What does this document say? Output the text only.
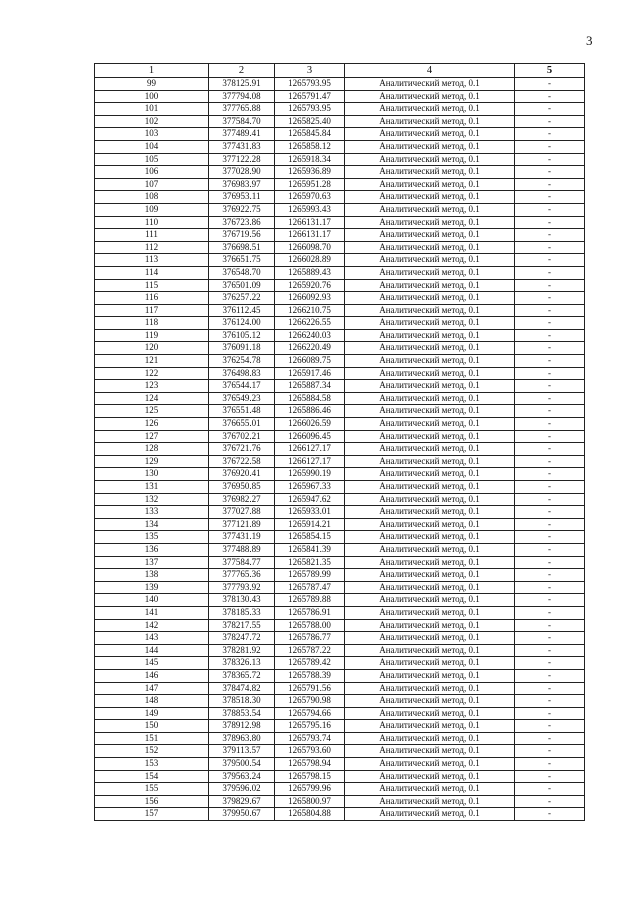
3
1	2	3	4	5
99	378125.91	1265793.95	Аналитический метод, 0.1	-
100	377794.08	1265791.47	Аналитический метод, 0.1	-
101	377765.88	1265793.95	Аналитический метод, 0.1	-
102	377584.70	1265825.40	Аналитический метод, 0.1	-
103	377489.41	1265845.84	Аналитический метод, 0.1	-
104	377431.83	1265858.12	Аналитический метод, 0.1	-
105	377122.28	1265918.34	Аналитический метод, 0.1	-
106	377028.90	1265936.89	Аналитический метод, 0.1	-
107	376983.97	1265951.28	Аналитический метод, 0.1	-
108	376953.11	1265970.63	Аналитический метод, 0.1	-
109	376922.75	1265993.43	Аналитический метод, 0.1	-
110	376723.86	1266131.17	Аналитический метод, 0.1	-
111	376719.56	1266131.17	Аналитический метод, 0.1	-
112	376698.51	1266098.70	Аналитический метод, 0.1	-
113	376651.75	1266028.89	Аналитический метод, 0.1	-
114	376548.70	1265889.43	Аналитический метод, 0.1	-
115	376501.09	1265920.76	Аналитический метод, 0.1	-
116	376257.22	1266092.93	Аналитический метод, 0.1	-
117	376112.45	1266210.75	Аналитический метод, 0.1	-
118	376124.00	1266226.55	Аналитический метод, 0.1	-
119	376105.12	1266240.03	Аналитический метод, 0.1	-
120	376091.18	1266220.49	Аналитический метод, 0.1	-
121	376254.78	1266089.75	Аналитический метод, 0.1	-
122	376498.83	1265917.46	Аналитический метод, 0.1	-
123	376544.17	1265887.34	Аналитический метод, 0.1	-
124	376549.23	1265884.58	Аналитический метод, 0.1	-
125	376551.48	1265886.46	Аналитический метод, 0.1	-
126	376655.01	1266026.59	Аналитический метод, 0.1	-
127	376702.21	1266096.45	Аналитический метод, 0.1	-
128	376721.76	1266127.17	Аналитический метод, 0.1	-
129	376722.58	1266127.17	Аналитический метод, 0.1	-
130	376920.41	1265990.19	Аналитический метод, 0.1	-
131	376950.85	1265967.33	Аналитический метод, 0.1	-
132	376982.27	1265947.62	Аналитический метод, 0.1	-
133	377027.88	1265933.01	Аналитический метод, 0.1	-
134	377121.89	1265914.21	Аналитический метод, 0.1	-
135	377431.19	1265854.15	Аналитический метод, 0.1	-
136	377488.89	1265841.39	Аналитический метод, 0.1	-
137	377584.77	1265821.35	Аналитический метод, 0.1	-
138	377765.36	1265789.99	Аналитический метод, 0.1	-
139	377793.92	1265787.47	Аналитический метод, 0.1	-
140	378130.43	1265789.88	Аналитический метод, 0.1	-
141	378185.33	1265786.91	Аналитический метод, 0.1	-
142	378217.55	1265788.00	Аналитический метод, 0.1	-
143	378247.72	1265786.77	Аналитический метод, 0.1	-
144	378281.92	1265787.22	Аналитический метод, 0.1	-
145	378326.13	1265789.42	Аналитический метод, 0.1	-
146	378365.72	1265788.39	Аналитический метод, 0.1	-
147	378474.82	1265791.56	Аналитический метод, 0.1	-
148	378518.30	1265790.98	Аналитический метод, 0.1	-
149	378853.54	1265794.66	Аналитический метод, 0.1	-
150	378912.98	1265795.16	Аналитический метод, 0.1	-
151	378963.80	1265793.74	Аналитический метод, 0.1	-
152	379113.57	1265793.60	Аналитический метод, 0.1	-
153	379500.54	1265798.94	Аналитический метод, 0.1	-
154	379563.24	1265798.15	Аналитический метод, 0.1	-
155	379596.02	1265799.96	Аналитический метод, 0.1	-
156	379829.67	1265800.97	Аналитический метод, 0.1	-
157	379950.67	1265804.88	Аналитический метод, 0.1	-
